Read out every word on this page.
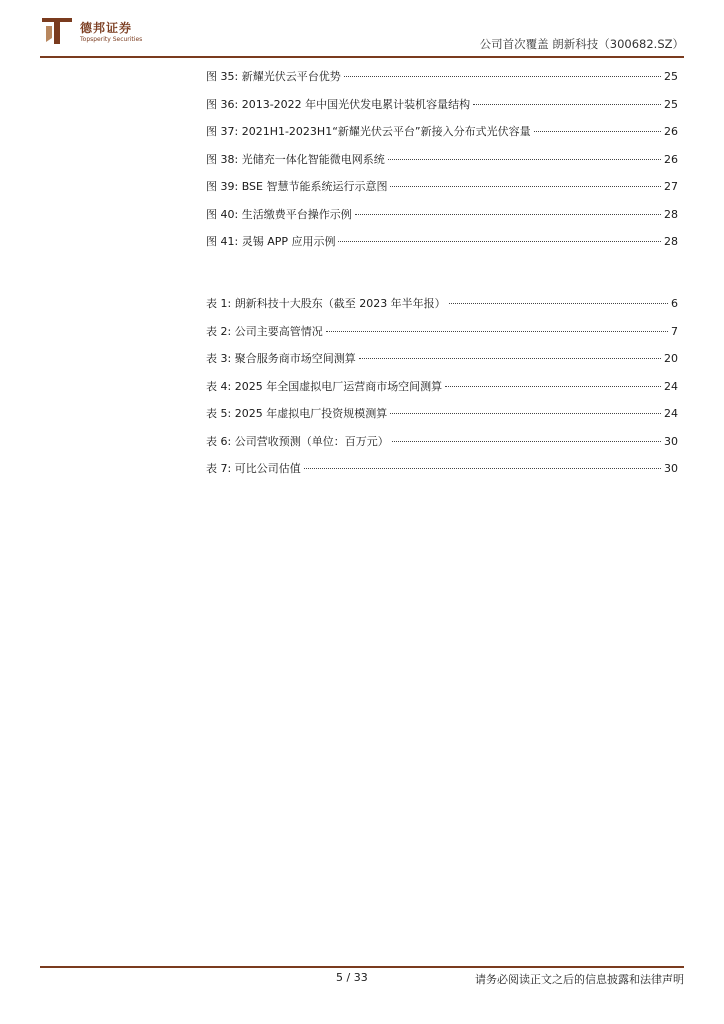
德邦证券
Topsperity Securities	公司首次覆盖 朗新科技（300682.SZ）
图 35: 新耀光伏云平台优势	25
图 36: 2013-2022 年中国光伏发电累计装机容量结构	25
图 37: 2021H1-2023H1“新耀光伏云平台”新接入分布式光伏容量	26
图 38: 光储充一体化智能微电网系统	26
图 39: BSE 智慧节能系统运行示意图	27
图 40: 生活缴费平台操作示例	28
图 41: 灵锡 APP 应用示例	28
表 1: 朗新科技十大股东（截至 2023 年半年报）	6
表 2: 公司主要高管情况	7
表 3: 聚合服务商市场空间测算	20
表 4: 2025 年全国虚拟电厂运营商市场空间测算	24
表 5: 2025 年虚拟电厂投资规模测算	24
表 6: 公司营收预测（单位：百万元）	30
表 7: 可比公司估值	30
5 / 33	请务必阅读正文之后的信息披露和法律声明
